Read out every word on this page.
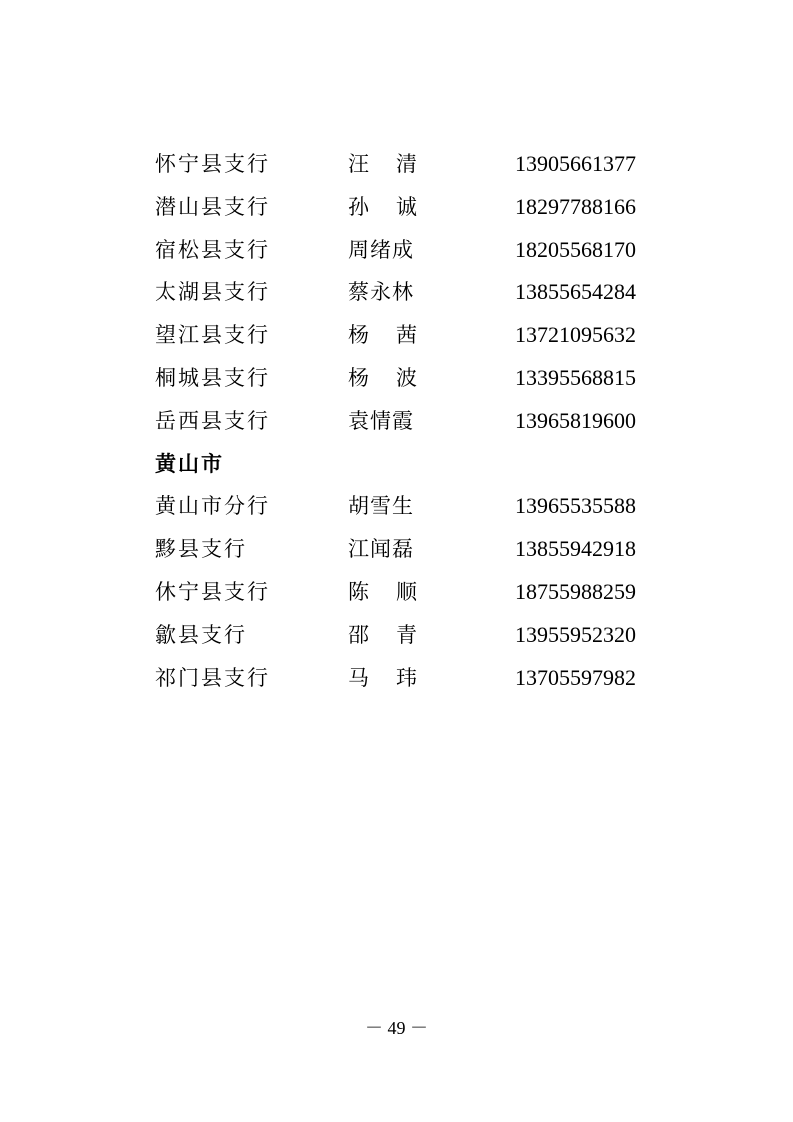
怀宁县支行	汪 清	13905661377
潜山县支行	孙 诚	18297788166
宿松县支行	周绪成	18205568170
太湖县支行	蔡永林	13855654284
望江县支行	杨 茜	13721095632
桐城县支行	杨 波	13395568815
岳西县支行	袁情霞	13965819600
黄山市
黄山市分行	胡雪生	13965535588
黟县支行	江闻磊	13855942918
休宁县支行	陈 顺	18755988259
歙县支行	邵 青	13955952320
祁门县支行	马 玮	13705597982
－ 49 －
